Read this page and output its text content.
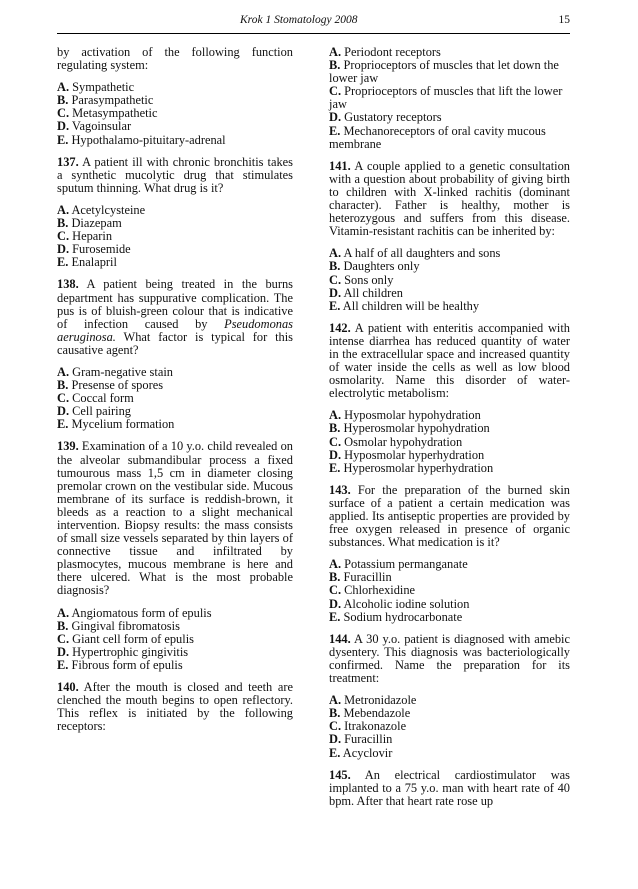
Krok 1 Stomatology 2008	15

by activation of the following function regulating system:

A. Sympathetic
B. Parasympathetic
C. Metasympathetic
D. Vagoinsular
E. Hypothalamo-pituitary-adrenal

137. A patient ill with chronic bronchitis takes a synthetic mucolytic drug that stimulates sputum thinning. What drug is it?

A. Acetylcysteine
B. Diazepam
C. Heparin
D. Furosemide
E. Enalapril

138. A patient being treated in the burns department has suppurative complication. The pus is of bluish-green colour that is indicative of infection caused by Pseudomonas aeruginosa. What factor is typical for this causative agent?

A. Gram-negative stain
B. Presense of spores
C. Coccal form
D. Cell pairing
E. Mycelium formation

139. Examination of a 10 y.o. child revealed on the alveolar submandibular process a fixed tumourous mass 1,5 cm in diameter closing premolar crown on the vestibular side. Mucous membrane of its surface is reddish-brown, it bleeds as a reaction to a slight mechanical intervention. Biopsy results: the mass consists of small size vessels separated by thin layers of connective tissue and infiltrated by plasmocytes, mucous membrane is here and there ulcered. What is the most probable diagnosis?

A. Angiomatous form of epulis
B. Gingival fibromatosis
C. Giant cell form of epulis
D. Hypertrophic gingivitis
E. Fibrous form of epulis

140. After the mouth is closed and teeth are clenched the mouth begins to open reflectory. This reflex is initiated by the following receptors:

A. Periodont receptors
B. Proprioceptors of muscles that let down the lower jaw
C. Proprioceptors of muscles that lift the lower jaw
D. Gustatory receptors
E. Mechanoreceptors of oral cavity mucous membrane

141. A couple applied to a genetic consultation with a question about probability of giving birth to children with X-linked rachitis (dominant character). Father is healthy, mother is heterozygous and suffers from this disease. Vitamin-resistant rachitis can be inherited by:

A. A half of all daughters and sons
B. Daughters only
C. Sons only
D. All children
E. All children will be healthy

142. A patient with enteritis accompanied with intense diarrhea has reduced quantity of water in the extracellular space and increased quantity of water inside the cells as well as low blood osmolarity. Name this disorder of water-electrolytic metabolism:

A. Hyposmolar hypohydration
B. Hyperosmolar hypohydration
C. Osmolar hypohydration
D. Hyposmolar hyperhydration
E. Hyperosmolar hyperhydration

143. For the preparation of the burned skin surface of a patient a certain medication was applied. Its antiseptic properties are provided by free oxygen released in presence of organic substances. What medication is it?

A. Potassium permanganate
B. Furacillin
C. Chlorhexidine
D. Alcoholic iodine solution
E. Sodium hydrocarbonate

144. A 30 y.o. patient is diagnosed with amebic dysentery. This diagnosis was bacteriologically confirmed. Name the preparation for its treatment:

A. Metronidazole
B. Mebendazole
C. Itrakonazole
D. Furacillin
E. Acyclovir

145. An electrical cardiostimulator was implanted to a 75 y.o. man with heart rate of 40 bpm. After that heart rate rose up
